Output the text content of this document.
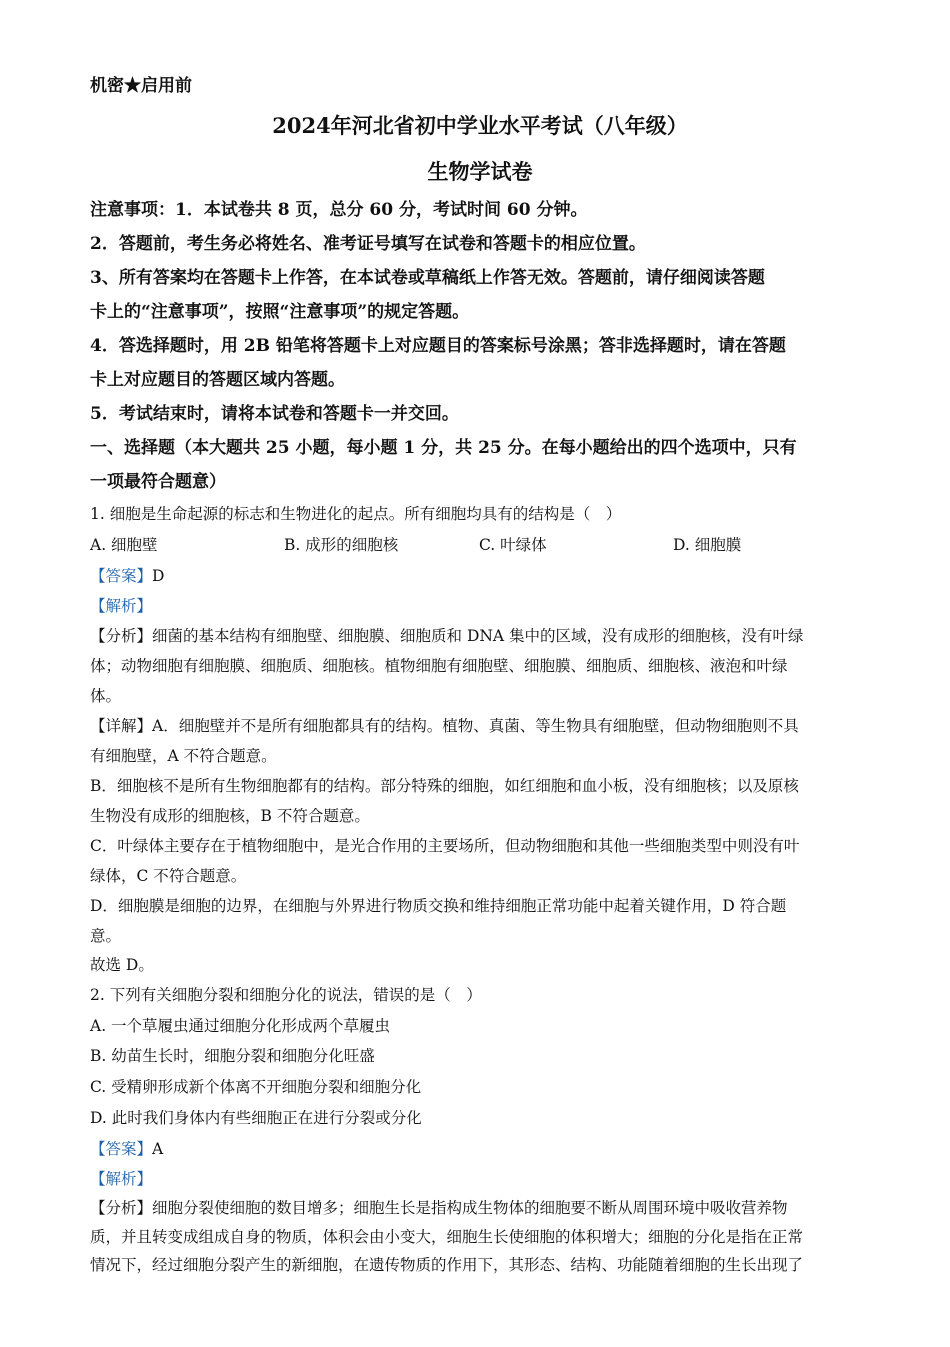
机密★启用前
2024年河北省初中学业水平考试（八年级）
生物学试卷
注意事项：1．本试卷共 8 页，总分 60 分，考试时间 60 分钟。
2．答题前，考生务必将姓名、准考证号填写在试卷和答题卡的相应位置。
3、所有答案均在答题卡上作答，在本试卷或草稿纸上作答无效。答题前，请仔细阅读答题
卡上的“注意事项”，按照“注意事项”的规定答题。
4．答选择题时，用 2B 铅笔将答题卡上对应题目的答案标号涂黑；答非选择题时，请在答题
卡上对应题目的答题区域内答题。
5．考试结束时，请将本试卷和答题卡一并交回。
一、选择题（本大题共 25 小题，每小题 1 分，共 25 分。在每小题给出的四个选项中，只有
一项最符合题意）
1. 细胞是生命起源的标志和生物进化的起点。所有细胞均具有的结构是（　）
A. 细胞壁	B. 成形的细胞核	C. 叶绿体	D. 细胞膜
【答案】D
【解析】
【分析】细菌的基本结构有细胞壁、细胞膜、细胞质和 DNA 集中的区域，没有成形的细胞核，没有叶绿
体；动物细胞有细胞膜、细胞质、细胞核。植物细胞有细胞壁、细胞膜、细胞质、细胞核、液泡和叶绿
体。
【详解】A．细胞壁并不是所有细胞都具有的结构。植物、真菌、等生物具有细胞壁，但动物细胞则不具
有细胞壁，A 不符合题意。
B．细胞核不是所有生物细胞都有的结构。部分特殊的细胞，如红细胞和血小板，没有细胞核；以及原核
生物没有成形的细胞核，B 不符合题意。
C．叶绿体主要存在于植物细胞中，是光合作用的主要场所，但动物细胞和其他一些细胞类型中则没有叶
绿体，C 不符合题意。
D．细胞膜是细胞的边界，在细胞与外界进行物质交换和维持细胞正常功能中起着关键作用，D 符合题
意。
故选 D。
2. 下列有关细胞分裂和细胞分化的说法，错误的是（　）
A. 一个草履虫通过细胞分化形成两个草履虫
B. 幼苗生长时，细胞分裂和细胞分化旺盛
C. 受精卵形成新个体离不开细胞分裂和细胞分化
D. 此时我们身体内有些细胞正在进行分裂或分化
【答案】A
【解析】
【分析】细胞分裂使细胞的数目增多；细胞生长是指构成生物体的细胞要不断从周围环境中吸收营养物
质，并且转变成组成自身的物质，体积会由小变大，细胞生长使细胞的体积增大；细胞的分化是指在正常
情况下，经过细胞分裂产生的新细胞，在遗传物质的作用下，其形态、结构、功能随着细胞的生长出现了
